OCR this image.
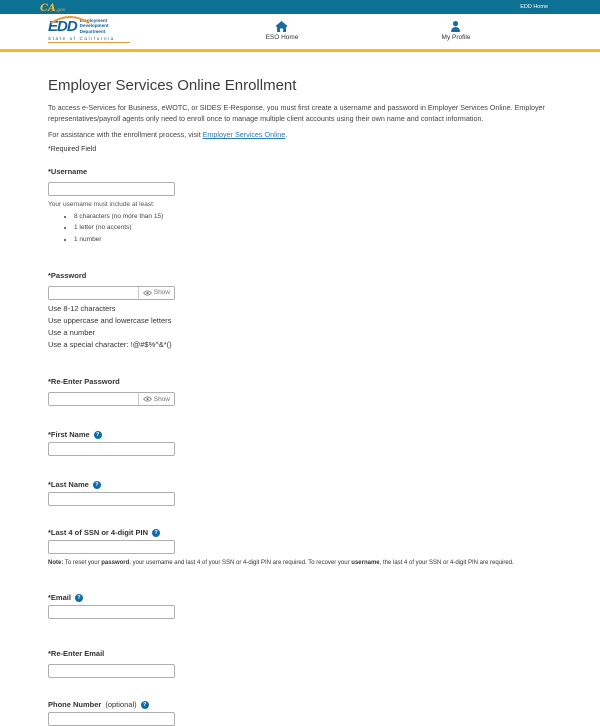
CA.gov
EDD Home
EDD Employment
Development
Department
State of California	ESO Home	My Profile
Employer Services Online Enrollment

To access e-Services for Business, eWOTC, or SIDES E-Response, you must first create a username and password in Employer Services Online. Employer representatives/payroll agents only need to enroll once to manage multiple client accounts using their own name and contact information.

For assistance with the enrollment process, visit Employer Services Online.

*Required Field

*Username

Your username must include at least:

• 8 characters (no more than 15)
• 1 letter (no accents)
• 1 number
*Password
Show

Use 8-12 characters

Use uppercase and lowercase letters

Use a number

Use a special character: !@#$%^&*()

*Re-Enter Password
Show
*First Name	?
*Last Name	?
*Last 4 of SSN or 4-digit PIN	?

Note: To reset your password, your username and last 4 of your SSN or 4-digit PIN are required. To recover your username, the last 4 of your SSN or 4-digit PIN are required.

*Email	?
*Re-Enter Email
Phone Number (optional)	?
